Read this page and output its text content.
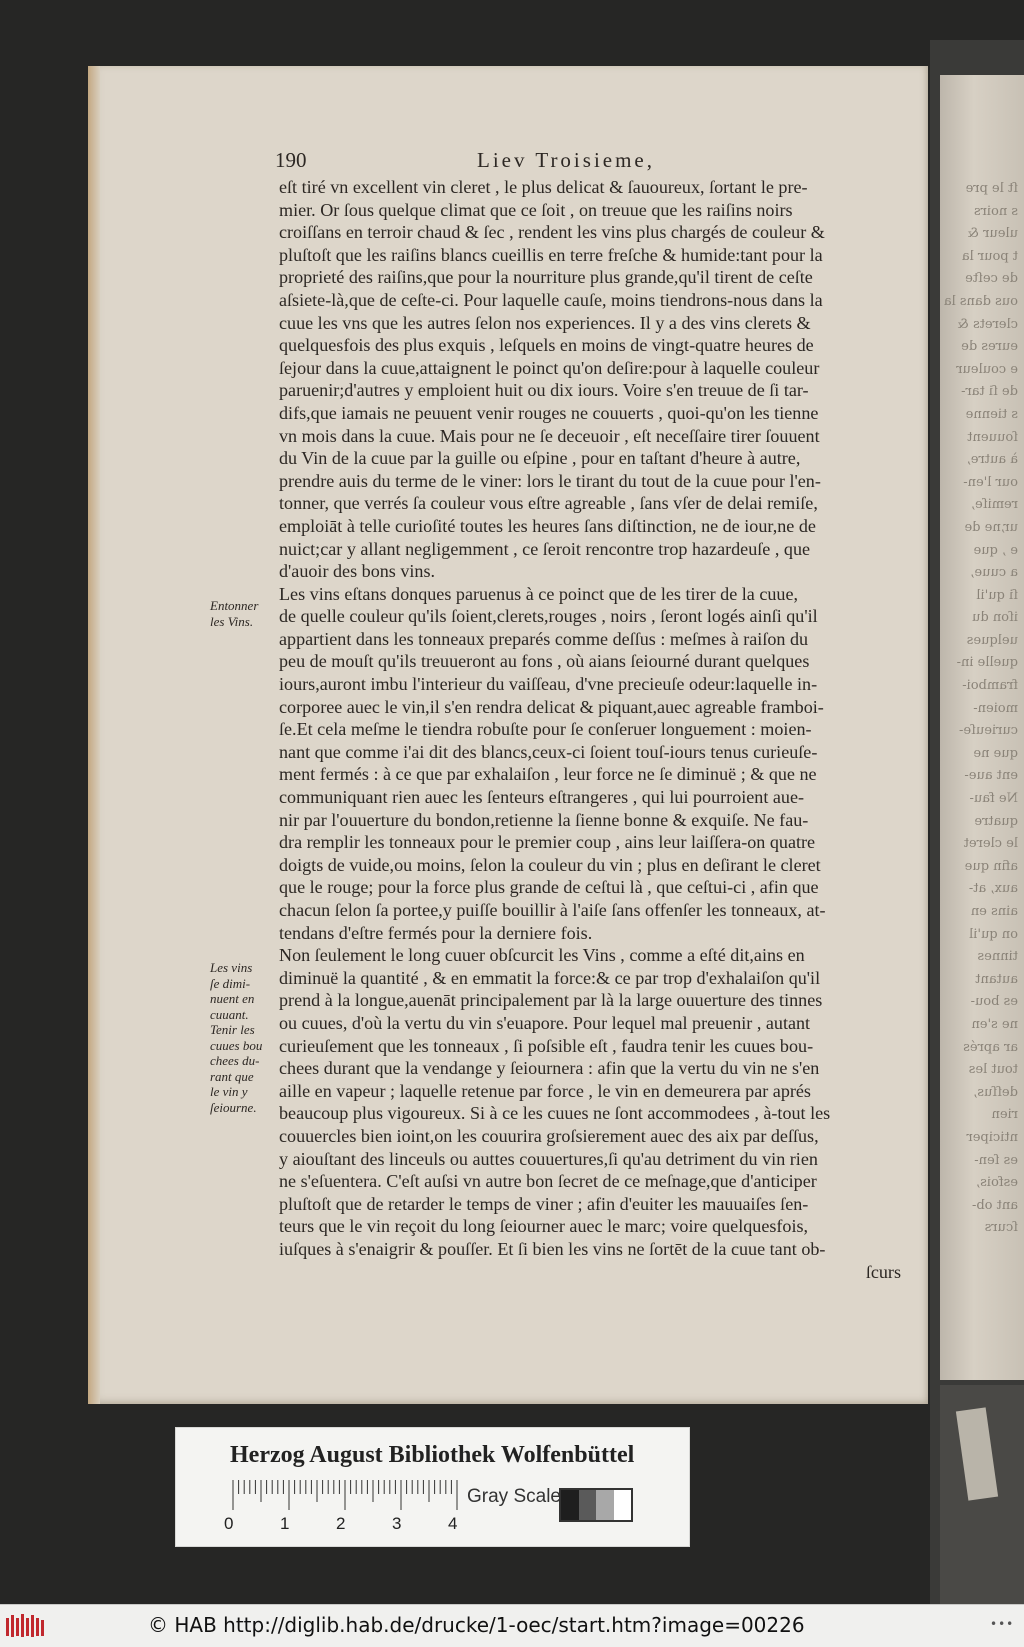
ſt le pre
s noirs
uleur &
t pour la
de ceſte
ous dans la
clerets &
eures de
e couleur
de ſi tar-
s tienne
ſouuent
à autre,
our l'en-
remiſe,
ur,ne de
e , que
a cuue,
ſi qu'il
iſon du
uelques
quelle in-
framboi-
moien-
curieuſe-
que ne
ent aue-
Ne fau-
quatre
le cleret
afin que
aux, at-
ains en
on qu'il
tinnes
autant
es bou-
ne s'en
ar aprés
tout les
deſſus,
rien
nticiper
es ſen-
esfois,
ant ob-
ſcurs
190	Liev Troisieme,
eſt tiré vn excellent vin cleret , le plus delicat & ſauoureux, ſortant le pre-
mier. Or ſous quelque climat que ce ſoit , on treuue que les raiſins noirs
croiſſans en terroir chaud & ſec , rendent les vins plus chargés de couleur &
pluſtoſt que les raiſins blancs cueillis en terre freſche & humide:tant pour la
proprieté des raiſins,que pour la nourriture plus grande,qu'il tirent de ceſte
aſsiete-là,que de ceſte-ci. Pour laquelle cauſe, moins tiendrons-nous dans la
cuue les vns que les autres ſelon nos experiences. Il y a des vins clerets &
quelquesfois des plus exquis , leſquels en moins de vingt-quatre heures de
ſejour dans la cuue,attaignent le poinct qu'on deſire:pour à laquelle couleur
paruenir;d'autres y emploient huit ou dix iours. Voire s'en treuue de ſi tar-
difs,que iamais ne peuuent venir rouges ne couuerts , quoi-qu'on les tienne
vn mois dans la cuue. Mais pour ne ſe deceuoir , eſt neceſſaire tirer ſouuent
du Vin de la cuue par la guille ou eſpine , pour en taſtant d'heure à autre,
prendre auis du terme de le viner: lors le tirant du tout de la cuue pour l'en-
tonner, que verrés ſa couleur vous eſtre agreable , ſans vſer de delai remiſe,
emploiāt à telle curioſité toutes les heures ſans diſtinction, ne de iour,ne de
nuict;car y allant negligemment , ce ſeroit rencontre trop hazardeuſe , que
d'auoir des bons vins.
Les vins eſtans donques paruenus à ce poinct que de les tirer de la cuue,
de quelle couleur qu'ils ſoient,clerets,rouges , noirs , ſeront logés ainſi qu'il
appartient dans les tonneaux preparés comme deſſus : meſmes à raiſon du
peu de mouſt qu'ils treuueront au fons , où aians ſeiourné durant quelques
iours,auront imbu l'interieur du vaiſſeau, d'vne precieuſe odeur:laquelle in-
corporee auec le vin,il s'en rendra delicat & piquant,auec agreable framboi-
ſe.Et cela meſme le tiendra robuſte pour ſe conſeruer longuement : moien-
nant que comme i'ai dit des blancs,ceux-ci ſoient touſ-iours tenus curieuſe-
ment fermés : à ce que par exhalaiſon , leur force ne ſe diminuë ; & que ne
communiquant rien auec les ſenteurs eſtrangeres , qui lui pourroient aue-
nir par l'ouuerture du bondon,retienne la ſienne bonne & exquiſe. Ne fau-
dra remplir les tonneaux pour le premier coup , ains leur laiſſera-on quatre
doigts de vuide,ou moins, ſelon la couleur du vin ; plus en deſirant le cleret
que le rouge; pour la force plus grande de ceſtui là , que ceſtui-ci , afin que
chacun ſelon ſa portee,y puiſſe bouillir à l'aiſe ſans offenſer les tonneaux, at-
tendans d'eſtre fermés pour la derniere fois.
Non ſeulement le long cuuer obſcurcit les Vins , comme a eſté dit,ains en
diminuë la quantité , & en emmatit la force:& ce par trop d'exhalaiſon qu'il
prend à la longue,auenāt principalement par là la large ouuerture des tinnes
ou cuues, d'où la vertu du vin s'euapore. Pour lequel mal preuenir , autant
curieuſement que les tonneaux , ſi poſsible eſt , faudra tenir les cuues bou-
chees durant que la vendange y ſeiournera : afin que la vertu du vin ne s'en
aille en vapeur ; laquelle retenue par force , le vin en demeurera par aprés
beaucoup plus vigoureux. Si à ce les cuues ne ſont accommodees , à-tout les
couuercles bien ioint,on les couurira groſsierement auec des aix par deſſus,
y aiouſtant des linceuls ou auttes couuertures,ſi qu'au detriment du vin rien
ne s'eſuentera. C'eſt auſsi vn autre bon ſecret de ce meſnage,que d'anticiper
pluſtoſt que de retarder le temps de viner ; afin d'euiter les mauuaiſes ſen-
teurs que le vin reçoit du long ſeiourner auec le marc; voire quelquesfois,
iuſques à s'enaigrir & pouſſer. Et ſi bien les vins ne ſortēt de la cuue tant ob-
ſcurs
Entonner
les Vins.
Les vins
ſe dimi-
nuent en
cuuant.
Tenir les
cuues bou
chees du-
rant que
le vin y
ſeiourne.
Herzog August Bibliothek Wolfenbüttel
0	1	2	3	4
Gray Scale
© HAB http://diglib.hab.de/drucke/1-oec/start.htm?image=00226	•••
